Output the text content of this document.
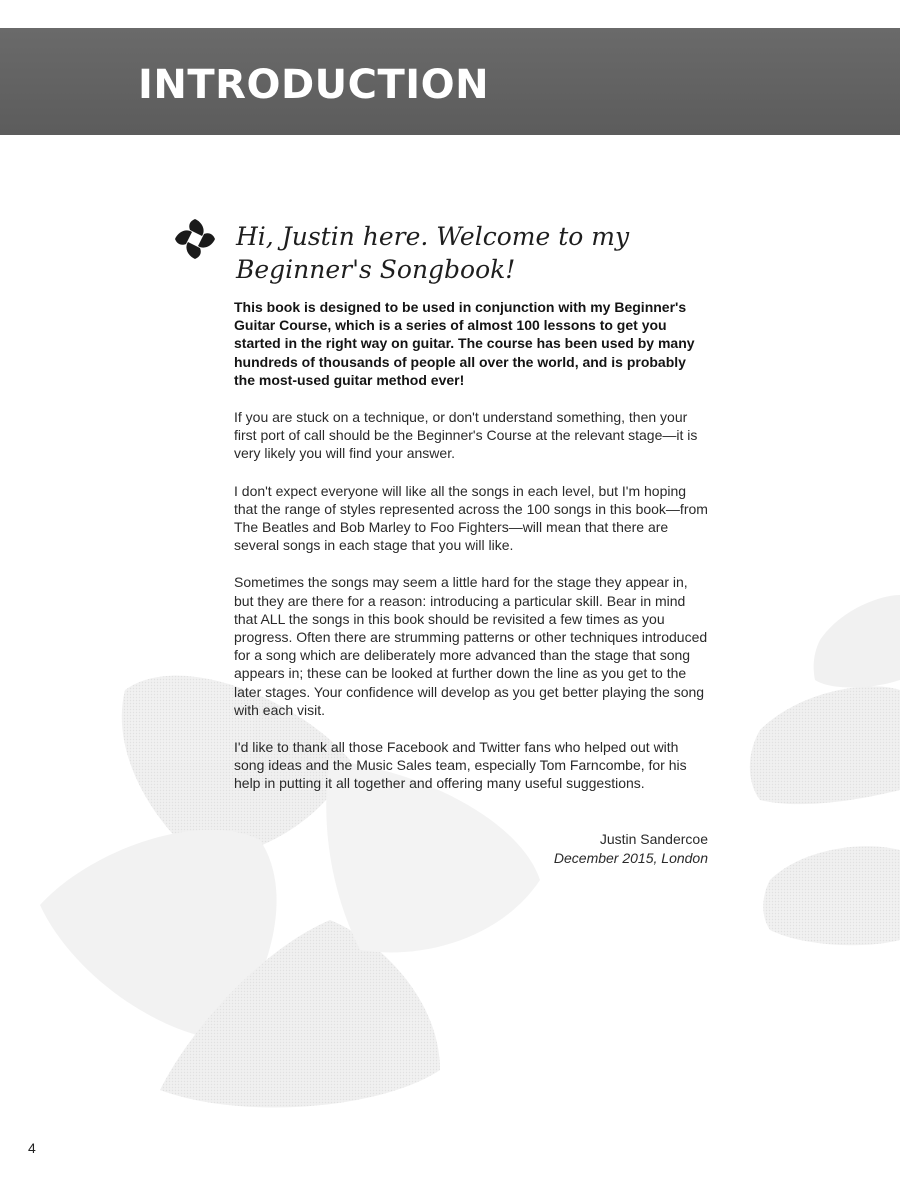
INTRODUCTION
Hi, Justin here. Welcome to my
Beginner's Songbook!

This book is designed to be used in conjunction with my Beginner's Guitar Course, which is a series of almost 100 lessons to get you started in the right way on guitar. The course has been used by many hundreds of thousands of people all over the world, and is probably the most-used guitar method ever!

If you are stuck on a technique, or don't understand something, then your first port of call should be the Beginner's Course at the relevant stage—it is very likely you will find your answer.

I don't expect everyone will like all the songs in each level, but I'm hoping that the range of styles represented across the 100 songs in this book—from The Beatles and Bob Marley to Foo Fighters—will mean that there are several songs in each stage that you will like.

Sometimes the songs may seem a little hard for the stage they appear in, but they are there for a reason: introducing a particular skill. Bear in mind that ALL the songs in this book should be revisited a few times as you progress. Often there are strumming patterns or other techniques introduced for a song which are deliberately more advanced than the stage that song appears in; these can be looked at further down the line as you get to the later stages. Your confidence will develop as you get better playing the song with each visit.

I'd like to thank all those Facebook and Twitter fans who helped out with song ideas and the Music Sales team, especially Tom Farncombe, for his help in putting it all together and offering many useful suggestions.

Justin Sandercoe
December 2015, London
4
